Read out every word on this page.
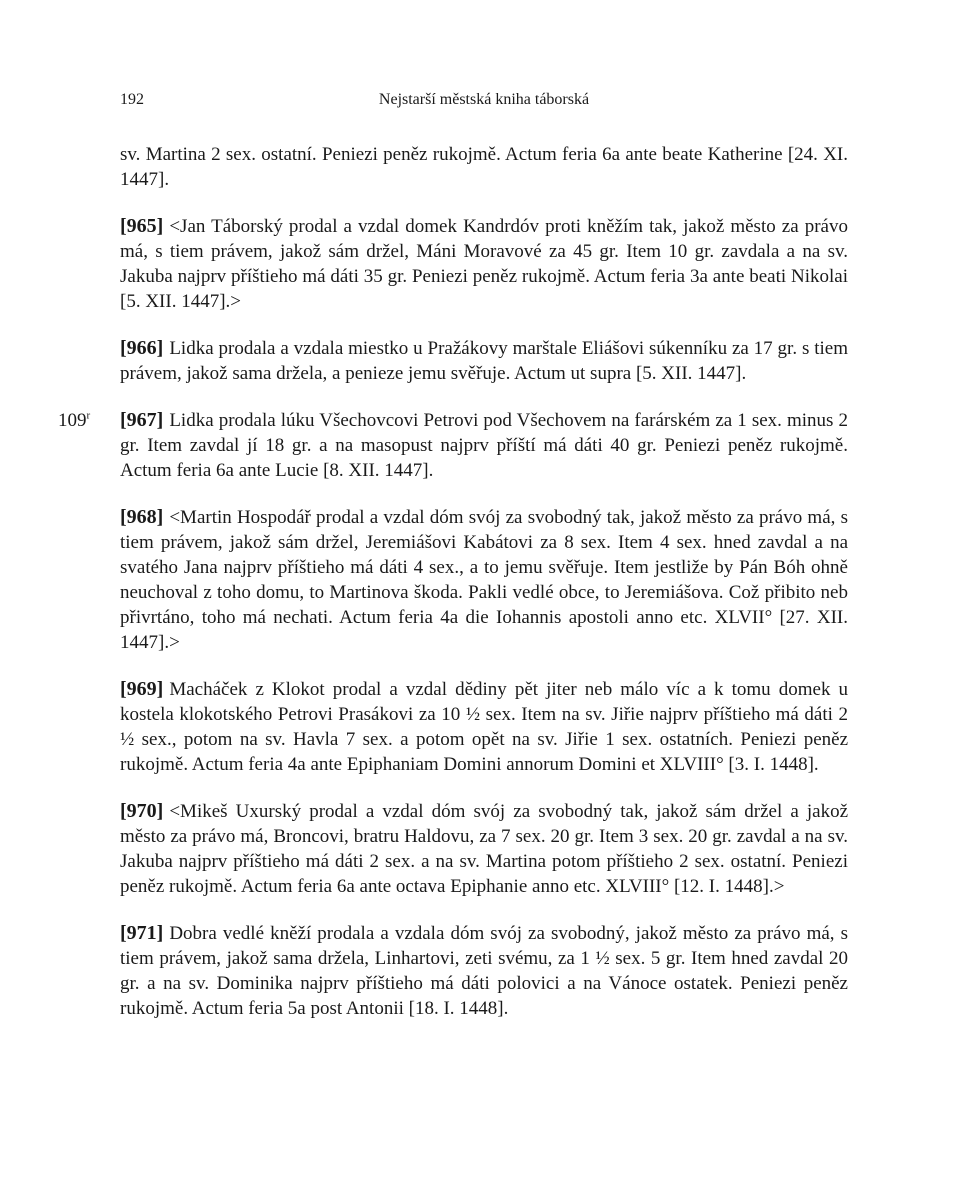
192	Nejstarší městská kniha táborská

sv. Martina 2 sex. ostatní. Peniezi peněz rukojmě. Actum feria 6a ante beate Katherine [24. XI. 1447].

[965] <Jan Táborský prodal a vzdal domek Kandrdóv proti kněžím tak, jakož město za právo má, s tiem právem, jakož sám držel, Máni Moravové za 45 gr. Item 10 gr. zavdala a na sv. Jakuba najprv příštieho má dáti 35 gr. Peniezi peněz rukojmě. Actum feria 3a ante beati Nikolai [5. XII. 1447].>

[966] Lidka prodala a vzdala miestko u Pražákovy marštale Eliášovi súkenníku za 17 gr. s tiem právem, jakož sama držela, a penieze jemu svěřuje. Actum ut supra [5. XII. 1447].

109$^r$ [967] Lidka prodala lúku Všechovcovi Petrovi pod Všechovem na farárském za 1 sex. minus 2 gr. Item zavdal jí 18 gr. a na masopust najprv příští má dáti 40 gr. Peniezi peněz rukojmě. Actum feria 6a ante Lucie [8. XII. 1447].

[968] <Martin Hospodář prodal a vzdal dóm svój za svobodný tak, jakož město za právo má, s tiem právem, jakož sám držel, Jeremiášovi Kabátovi za 8 sex. Item 4 sex. hned zavdal a na svatého Jana najprv příštieho má dáti 4 sex., a to jemu svěřuje. Item jestliže by Pán Bóh ohně neuchoval z toho domu, to Martinova škoda. Pakli vedlé obce, to Jeremiášova. Což přibito neb přivrtáno, toho má nechati. Actum feria 4a die Iohannis apostoli anno etc. XLVII° [27. XII. 1447].>

[969] Macháček z Klokot prodal a vzdal dědiny pět jiter neb málo víc a k tomu domek u kostela klokotského Petrovi Prasákovi za 10 ½ sex. Item na sv. Jiřie najprv příštieho má dáti 2 ½ sex., potom na sv. Havla 7 sex. a potom opět na sv. Jiřie 1 sex. ostatních. Peniezi peněz rukojmě. Actum feria 4a ante Epiphaniam Domini annorum Domini et XLVIII° [3. I. 1448].

[970] <Mikeš Uxurský prodal a vzdal dóm svój za svobodný tak, jakož sám držel a jakož město za právo má, Broncovi, bratru Haldovu, za 7 sex. 20 gr. Item 3 sex. 20 gr. zavdal a na sv. Jakuba najprv příštieho má dáti 2 sex. a na sv. Martina potom příštieho 2 sex. ostatní. Peniezi peněz rukojmě. Actum feria 6a ante octava Epiphanie anno etc. XLVIII° [12. I. 1448].>

[971] Dobra vedlé kněží prodala a vzdala dóm svój za svobodný, jakož město za právo má, s tiem právem, jakož sama držela, Linhartovi, zeti svému, za 1 ½ sex. 5 gr. Item hned zavdal 20 gr. a na sv. Dominika najprv příštieho má dáti polovici a na Vánoce ostatek. Peniezi peněz rukojmě. Actum feria 5a post Antonii [18. I. 1448].
